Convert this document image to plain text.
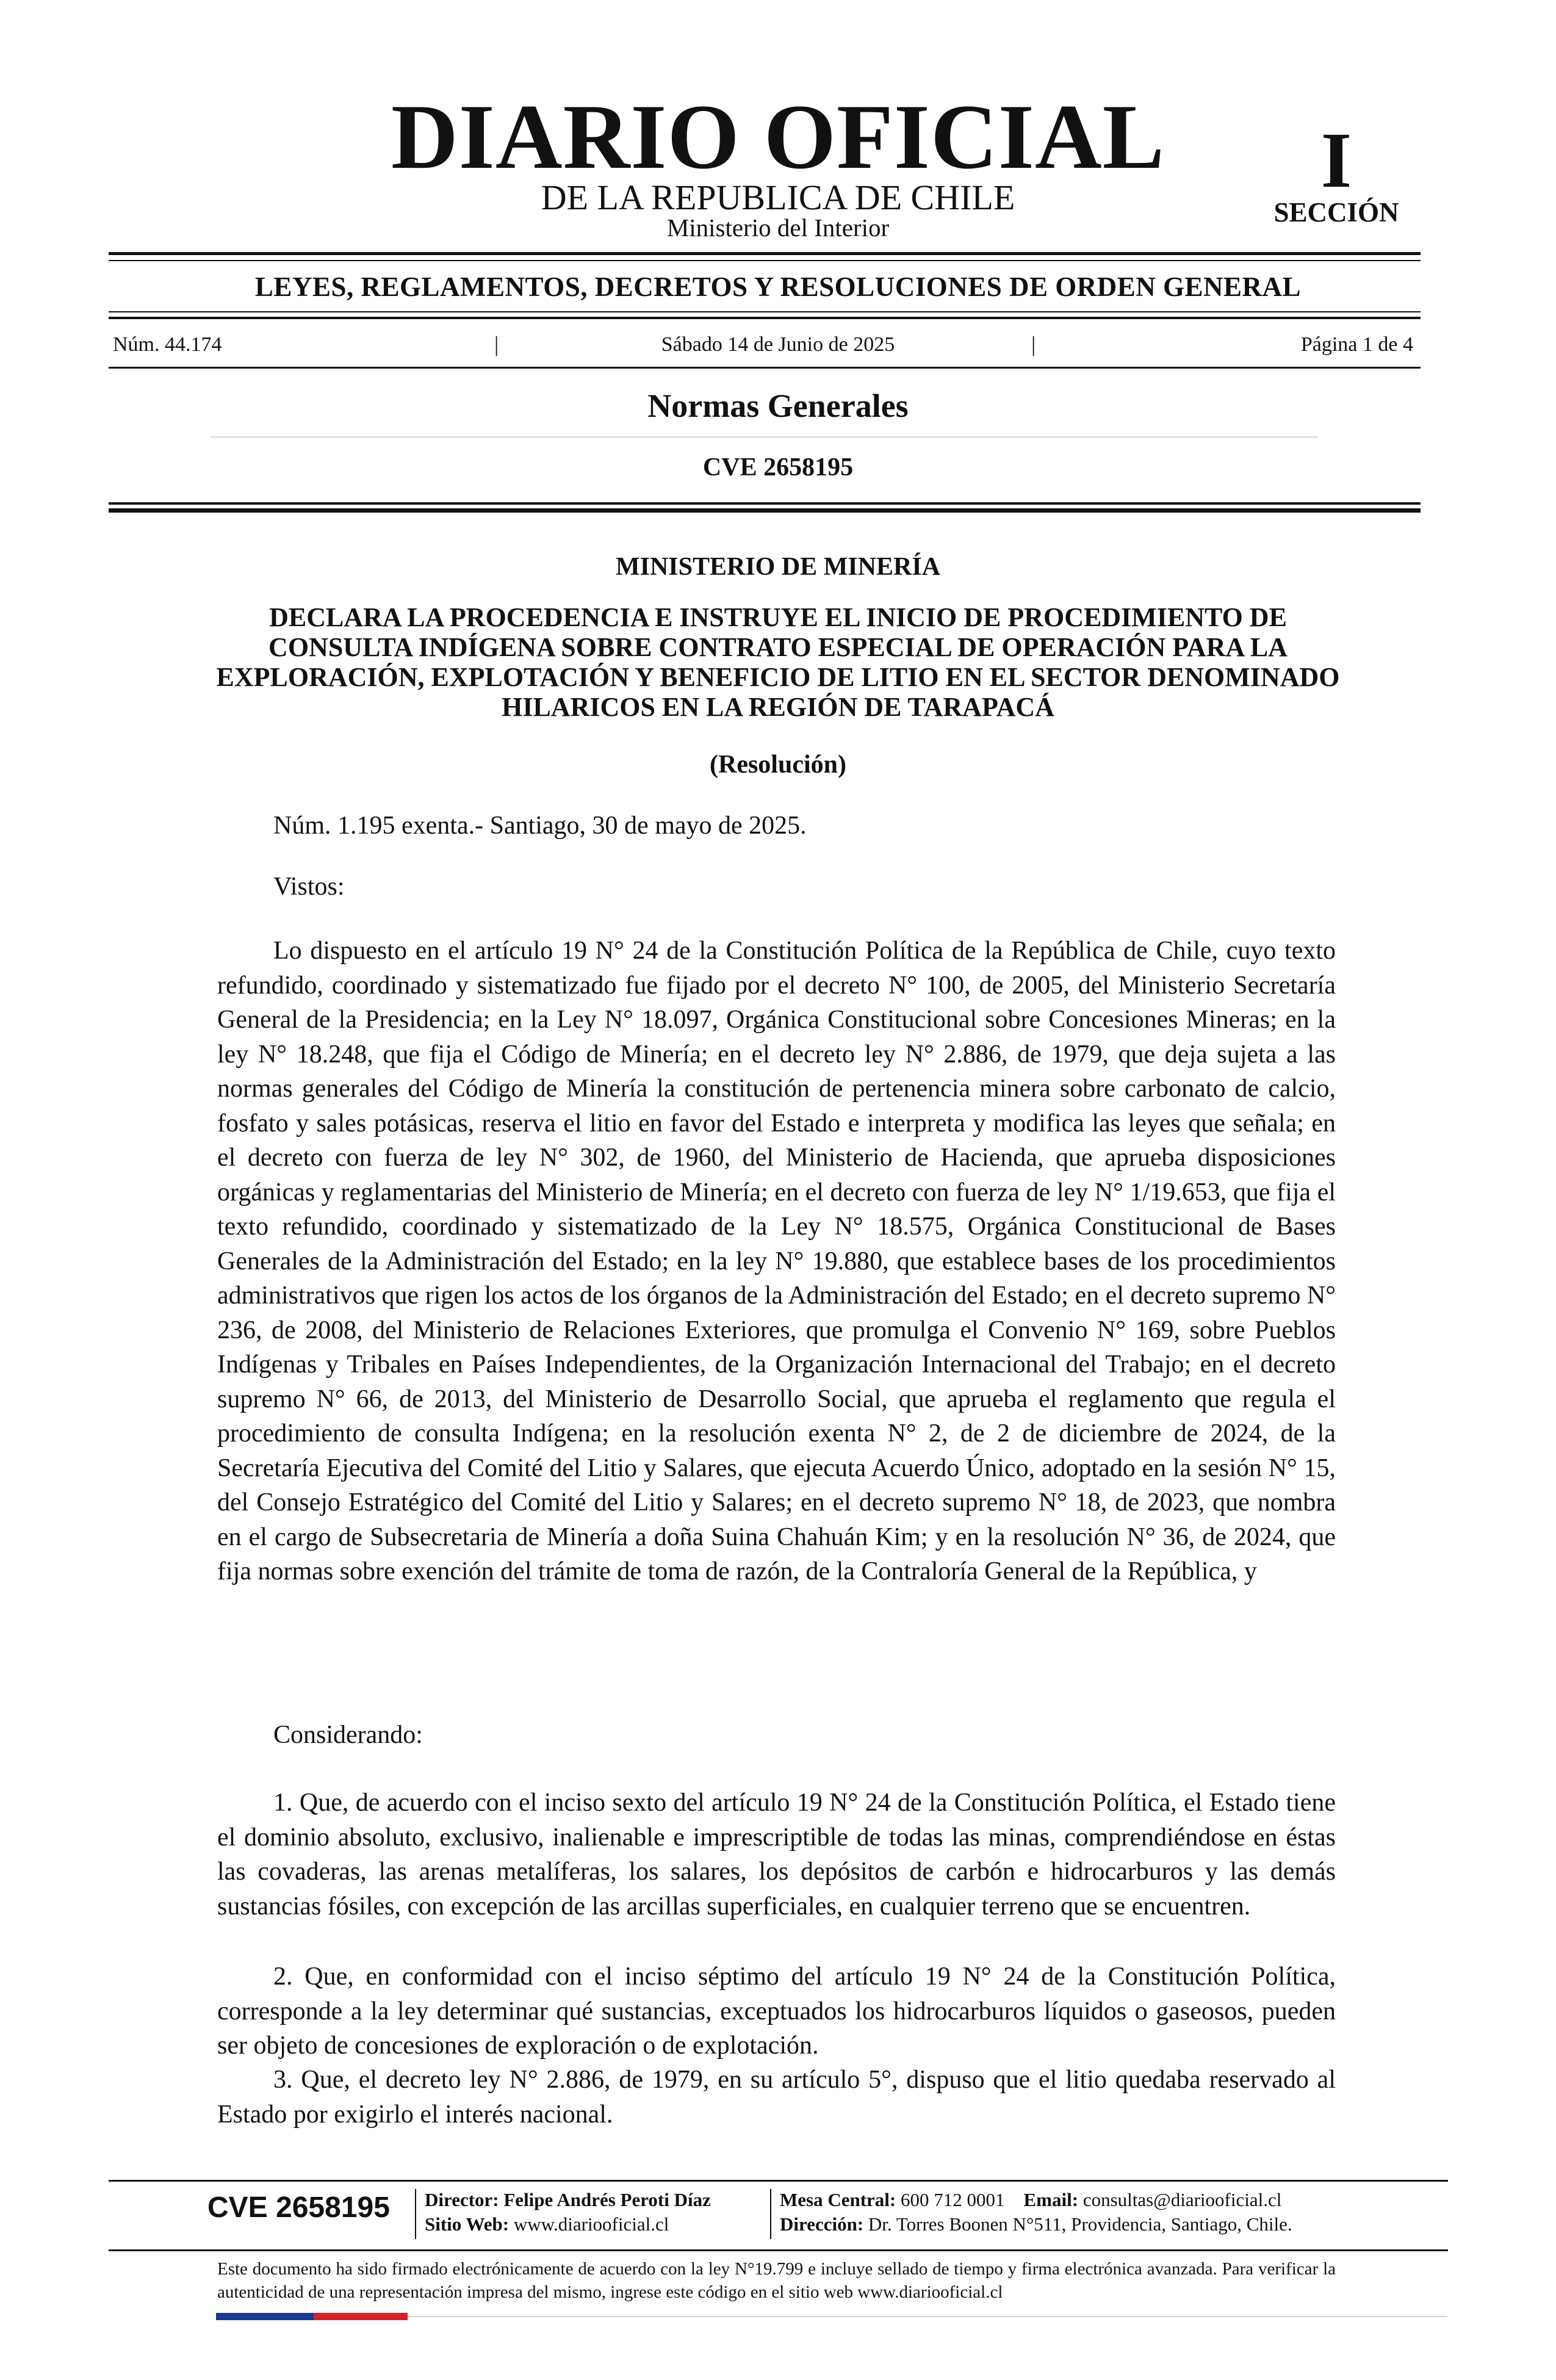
DIARIO OFICIAL
DE LA REPUBLICA DE CHILE
Ministerio del Interior
I
SECCIÓN
LEYES, REGLAMENTOS, DECRETOS Y RESOLUCIONES DE ORDEN GENERAL
Núm. 44.174	|	Sábado 14 de Junio de 2025	|	Página 1 de 4
Normas Generales
CVE 2658195
MINISTERIO DE MINERÍA
DECLARA LA PROCEDENCIA E INSTRUYE EL INICIO DE PROCEDIMIENTO DE CONSULTA INDÍGENA SOBRE CONTRATO ESPECIAL DE OPERACIÓN PARA LA EXPLORACIÓN, EXPLOTACIÓN Y BENEFICIO DE LITIO EN EL SECTOR DENOMINADO HILARICOS EN LA REGIÓN DE TARAPACÁ
(Resolución)
Núm. 1.195 exenta.- Santiago, 30 de mayo de 2025.
Vistos:
Lo dispuesto en el artículo 19 N° 24 de la Constitución Política de la República de Chile, cuyo texto refundido, coordinado y sistematizado fue fijado por el decreto N° 100, de 2005, del Ministerio Secretaría General de la Presidencia; en la Ley N° 18.097, Orgánica Constitucional sobre Concesiones Mineras; en la ley N° 18.248, que fija el Código de Minería; en el decreto ley N° 2.886, de 1979, que deja sujeta a las normas generales del Código de Minería la constitución de pertenencia minera sobre carbonato de calcio, fosfato y sales potásicas, reserva el litio en favor del Estado e interpreta y modifica las leyes que señala; en el decreto con fuerza de ley N° 302, de 1960, del Ministerio de Hacienda, que aprueba disposiciones orgánicas y reglamentarias del Ministerio de Minería; en el decreto con fuerza de ley N° 1/19.653, que fija el texto refundido, coordinado y sistematizado de la Ley N° 18.575, Orgánica Constitucional de Bases Generales de la Administración del Estado; en la ley N° 19.880, que establece bases de los procedimientos administrativos que rigen los actos de los órganos de la Administración del Estado; en el decreto supremo N° 236, de 2008, del Ministerio de Relaciones Exteriores, que promulga el Convenio N° 169, sobre Pueblos Indígenas y Tribales en Países Independientes, de la Organización Internacional del Trabajo; en el decreto supremo N° 66, de 2013, del Ministerio de Desarrollo Social, que aprueba el reglamento que regula el procedimiento de consulta Indígena; en la resolución exenta N° 2, de 2 de diciembre de 2024, de la Secretaría Ejecutiva del Comité del Litio y Salares, que ejecuta Acuerdo Único, adoptado en la sesión N° 15, del Consejo Estratégico del Comité del Litio y Salares; en el decreto supremo N° 18, de 2023, que nombra en el cargo de Subsecretaria de Minería a doña Suina Chahuán Kim; y en la resolución N° 36, de 2024, que fija normas sobre exención del trámite de toma de razón, de la Contraloría General de la República, y
Considerando:
1. Que, de acuerdo con el inciso sexto del artículo 19 N° 24 de la Constitución Política, el Estado tiene el dominio absoluto, exclusivo, inalienable e imprescriptible de todas las minas, comprendiéndose en éstas las covaderas, las arenas metalíferas, los salares, los depósitos de carbón e hidrocarburos y las demás sustancias fósiles, con excepción de las arcillas superficiales, en cualquier terreno que se encuentren.
2. Que, en conformidad con el inciso séptimo del artículo 19 N° 24 de la Constitución Política, corresponde a la ley determinar qué sustancias, exceptuados los hidrocarburos líquidos o gaseosos, pueden ser objeto de concesiones de exploración o de explotación.
3. Que, el decreto ley N° 2.886, de 1979, en su artículo 5°, dispuso que el litio quedaba reservado al Estado por exigirlo el interés nacional.
CVE 2658195 Director: Felipe Andrés Peroti Díaz
Sitio Web: www.diariooficial.cl
Mesa Central: 600 712 0001 Email: consultas@diariooficial.cl
Dirección: Dr. Torres Boonen N°511, Providencia, Santiago, Chile.
Este documento ha sido firmado electrónicamente de acuerdo con la ley N°19.799 e incluye sellado de tiempo y firma electrónica avanzada. Para verificar la autenticidad de una representación impresa del mismo, ingrese este código en el sitio web www.diariooficial.cl
